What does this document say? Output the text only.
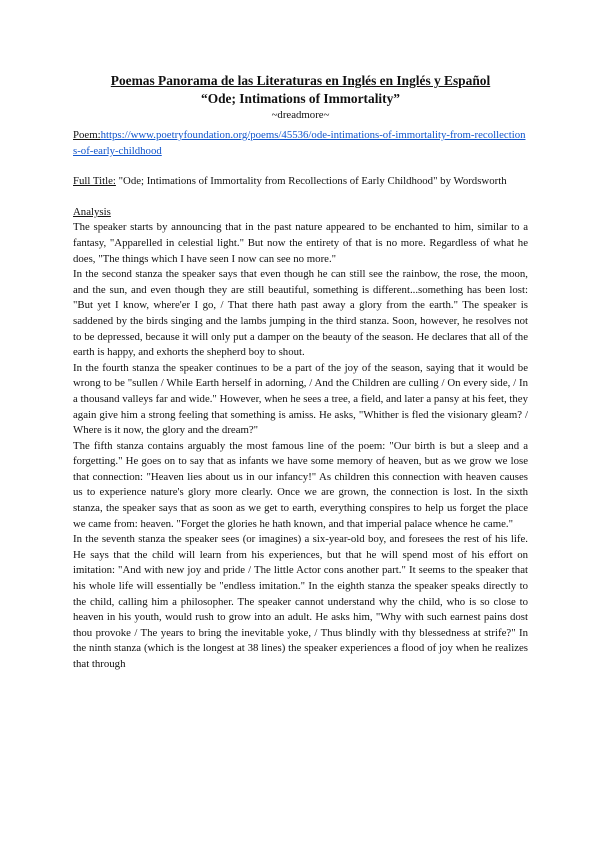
Poemas Panorama de las Literaturas en Inglés en Inglés y Español
“Ode; Intimations of Immortality”
~dreadmore~

Poem:https://www.poetryfoundation.org/poems/45536/ode-intimations-of-immortality-from-recollections-of-early-childhood

Full Title: "Ode; Intimations of Immortality from Recollections of Early Childhood" by Wordsworth

Analysis

The speaker starts by announcing that in the past nature appeared to be enchanted to him, similar to a fantasy, "Apparelled in celestial light." But now the entirety of that is no more. Regardless of what he does, "The things which I have seen I now can see no more."

In the second stanza the speaker says that even though he can still see the rainbow, the rose, the moon, and the sun, and even though they are still beautiful, something is different...something has been lost: "But yet I know, where'er I go, / That there hath past away a glory from the earth." The speaker is saddened by the birds singing and the lambs jumping in the third stanza. Soon, however, he resolves not to be depressed, because it will only put a damper on the beauty of the season. He declares that all of the earth is happy, and exhorts the shepherd boy to shout.

In the fourth stanza the speaker continues to be a part of the joy of the season, saying that it would be wrong to be "sullen / While Earth herself in adorning, / And the Children are culling / On every side, / In a thousand valleys far and wide." However, when he sees a tree, a field, and later a pansy at his feet, they again give him a strong feeling that something is amiss. He asks, "Whither is fled the visionary gleam? / Where is it now, the glory and the dream?"

The fifth stanza contains arguably the most famous line of the poem: "Our birth is but a sleep and a forgetting." He goes on to say that as infants we have some memory of heaven, but as we grow we lose that connection: "Heaven lies about us in our infancy!" As children this connection with heaven causes us to experience nature's glory more clearly. Once we are grown, the connection is lost. In the sixth stanza, the speaker says that as soon as we get to earth, everything conspires to help us forget the place we came from: heaven. "Forget the glories he hath known, and that imperial palace whence he came."

In the seventh stanza the speaker sees (or imagines) a six-year-old boy, and foresees the rest of his life. He says that the child will learn from his experiences, but that he will spend most of his effort on imitation: "And with new joy and pride / The little Actor cons another part." It seems to the speaker that his whole life will essentially be "endless imitation." In the eighth stanza the speaker speaks directly to the child, calling him a philosopher. The speaker cannot understand why the child, who is so close to heaven in his youth, would rush to grow into an adult. He asks him, "Why with such earnest pains dost thou provoke / The years to bring the inevitable yoke, / Thus blindly with thy blessedness at strife?" In the ninth stanza (which is the longest at 38 lines) the speaker experiences a flood of joy when he realizes that through
